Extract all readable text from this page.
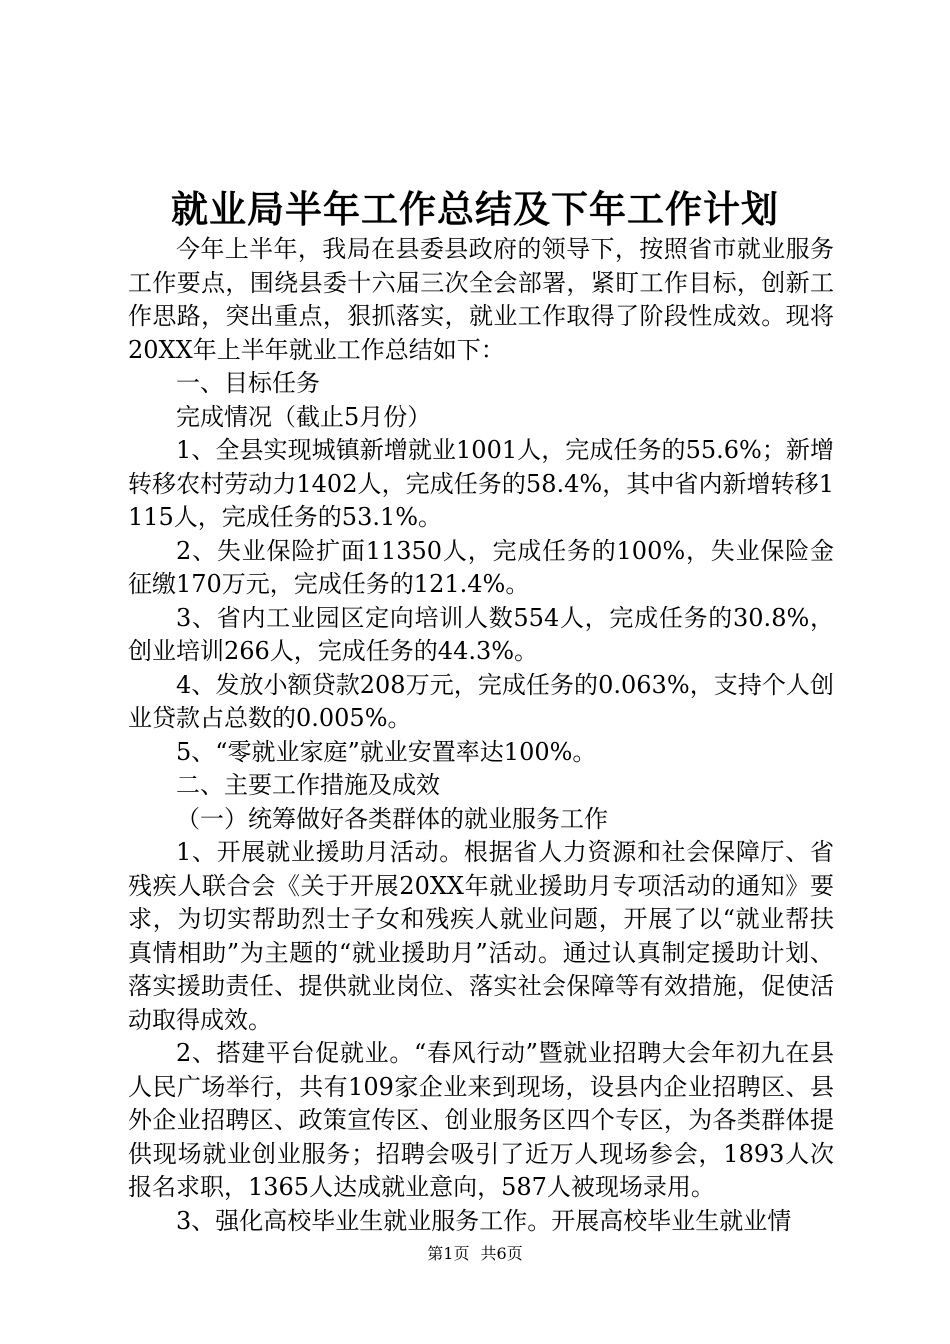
就业局半年工作总结及下年工作计划

今年上半年，我局在县委县政府的领导下，按照省市就业服务工作要点，围绕县委十六届三次全会部署，紧盯工作目标，创新工作思路，突出重点，狠抓落实，就业工作取得了阶段性成效。现将20XX年上半年就业工作总结如下：

一、目标任务

完成情况（截止5月份）

1、全县实现城镇新增就业1001人，完成任务的55.6%；新增转移农村劳动力1402人，完成任务的58.4%，其中省内新增转移1115人，完成任务的53.1%。

2、失业保险扩面11350人，完成任务的100%，失业保险金征缴170万元，完成任务的121.4%。

3、省内工业园区定向培训人数554人，完成任务的30.8%，创业培训266人，完成任务的44.3%。

4、发放小额贷款208万元，完成任务的0.063%，支持个人创业贷款占总数的0.005%。

5、“零就业家庭”就业安置率达100%。

二、主要工作措施及成效

（一）统筹做好各类群体的就业服务工作

1、开展就业援助月活动。根据省人力资源和社会保障厅、省残疾人联合会《关于开展20XX年就业援助月专项活动的通知》要求，为切实帮助烈士子女和残疾人就业问题，开展了以“就业帮扶真情相助”为主题的“就业援助月”活动。通过认真制定援助计划、落实援助责任、提供就业岗位、落实社会保障等有效措施，促使活动取得成效。

2、搭建平台促就业。“春风行动”暨就业招聘大会年初九在县人民广场举行，共有109家企业来到现场，设县内企业招聘区、县外企业招聘区、政策宣传区、创业服务区四个专区，为各类群体提供现场就业创业服务；招聘会吸引了近万人现场参会，1893人次报名求职，1365人达成就业意向，587人被现场录用。

3、强化高校毕业生就业服务工作。开展高校毕业生就业情

第1页 共6页
